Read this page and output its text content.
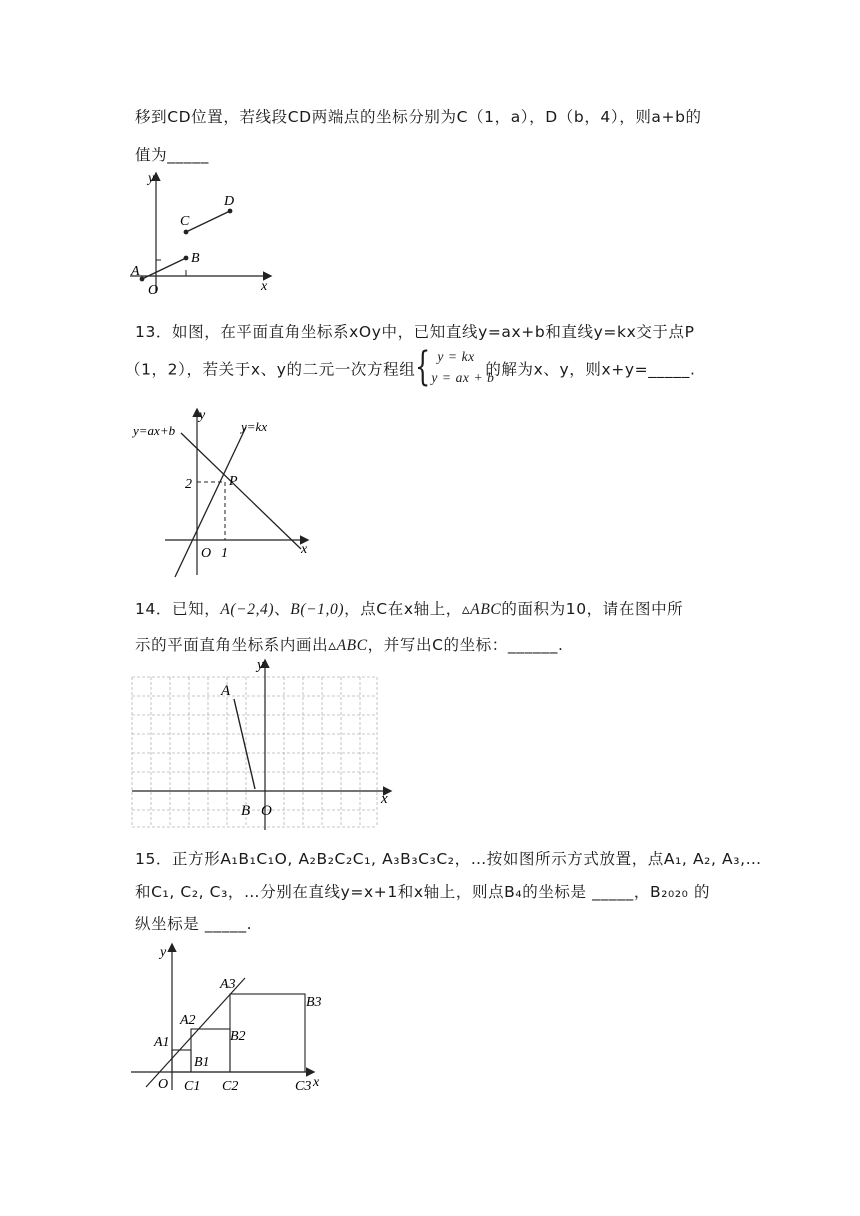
移到CD位置，若线段CD两端点的坐标分别为C（1，a），D（b，4），则a+b的
值为_____
y
x
O
A
B
C
D
13．如图，在平面直角坐标系xOy中，已知直线y=ax+b和直线y=kx交于点P
（1，2），若关于x、y的二元一次方程组 { y = kx
y = ax + b
的解为x、y，则x+y=_____.
y=ax+b	y=kx
y
x
O
P
2
1
14．已知，A(−2,4)、B(−1,0)，点C在x轴上，▵ABC的面积为10，请在图中所
示的平面直角坐标系内画出▵ABC，并写出C的坐标：______.
A
B O
x
y
15．正方形A₁B₁C₁O, A₂B₂C₂C₁, A₃B₃C₃C₂，…按如图所示方式放置，点A₁, A₂, A₃,…
和C₁, C₂, C₃，…分别在直线y=x+1和x轴上，则点B₄的坐标是 _____，B₂₀₂₀ 的
纵坐标是 _____.
y
x
O
A1
A2
A3
B1
B2
B3
C1 C2	C3
